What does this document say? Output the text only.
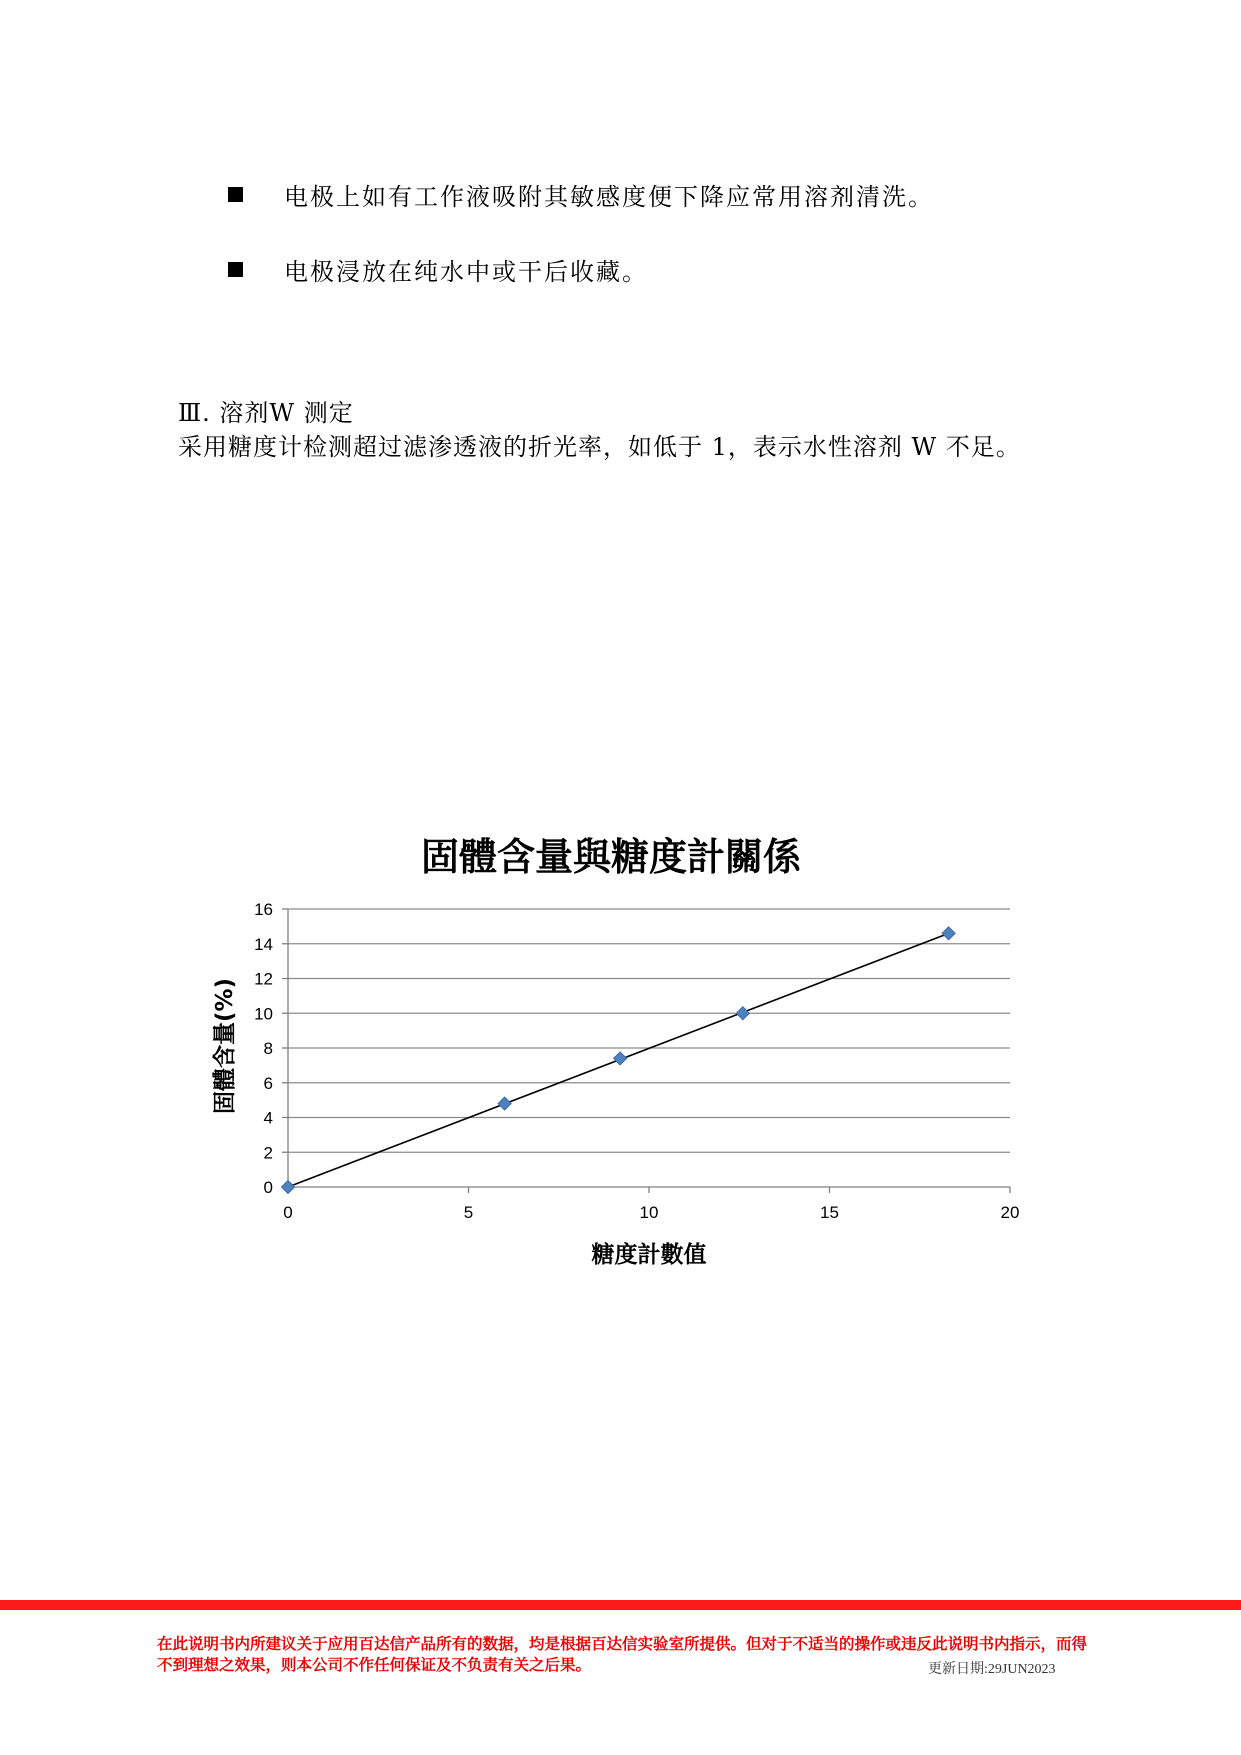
电极上如有工作液吸附其敏感度便下降应常用溶剂清洗。
电极浸放在纯水中或干后收藏。
Ⅲ. 溶剂W 测定
采用糖度计检测超过滤渗透液的折光率，如低于 1，表示水性溶剂 W 不足。
固體含量與糖度計關係
0
2
4
6
8
10
12
14
16
0	5	10	15	20
糖度計數值
固體含量(%)
在此说明书内所建议关于应用百达信产品所有的数据，均是根据百达信实验室所提供。但对于不适当的操作或违反此说明书内指示，而得不到理想之效果，则本公司不作任何保证及不负责有关之后果。	更新日期:29JUN2023
